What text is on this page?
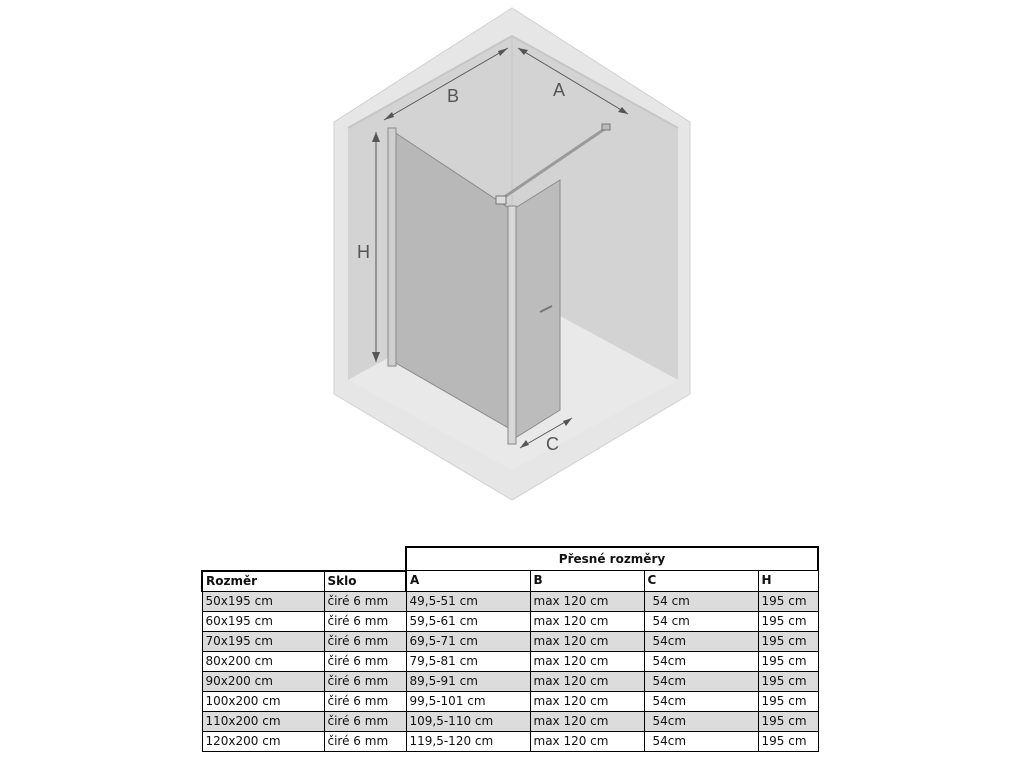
B	A
H
C
		Přesné rozměry			
Rozměr	Sklo	A	B	C	H
50x195 cm	čiré 6 mm	49,5-51 cm	max 120 cm	54 cm	195 cm
60x195 cm	čiré 6 mm	59,5-61 cm	max 120 cm	54 cm	195 cm
70x195 cm	čiré 6 mm	69,5-71 cm	max 120 cm	54cm	195 cm
80x200 cm	čiré 6 mm	79,5-81 cm	max 120 cm	54cm	195 cm
90x200 cm	čiré 6 mm	89,5-91 cm	max 120 cm	54cm	195 cm
100x200 cm	čiré 6 mm	99,5-101 cm	max 120 cm	54cm	195 cm
110x200 cm	čiré 6 mm	109,5-110 cm	max 120 cm	54cm	195 cm
120x200 cm	čiré 6 mm	119,5-120 cm	max 120 cm	54cm	195 cm
